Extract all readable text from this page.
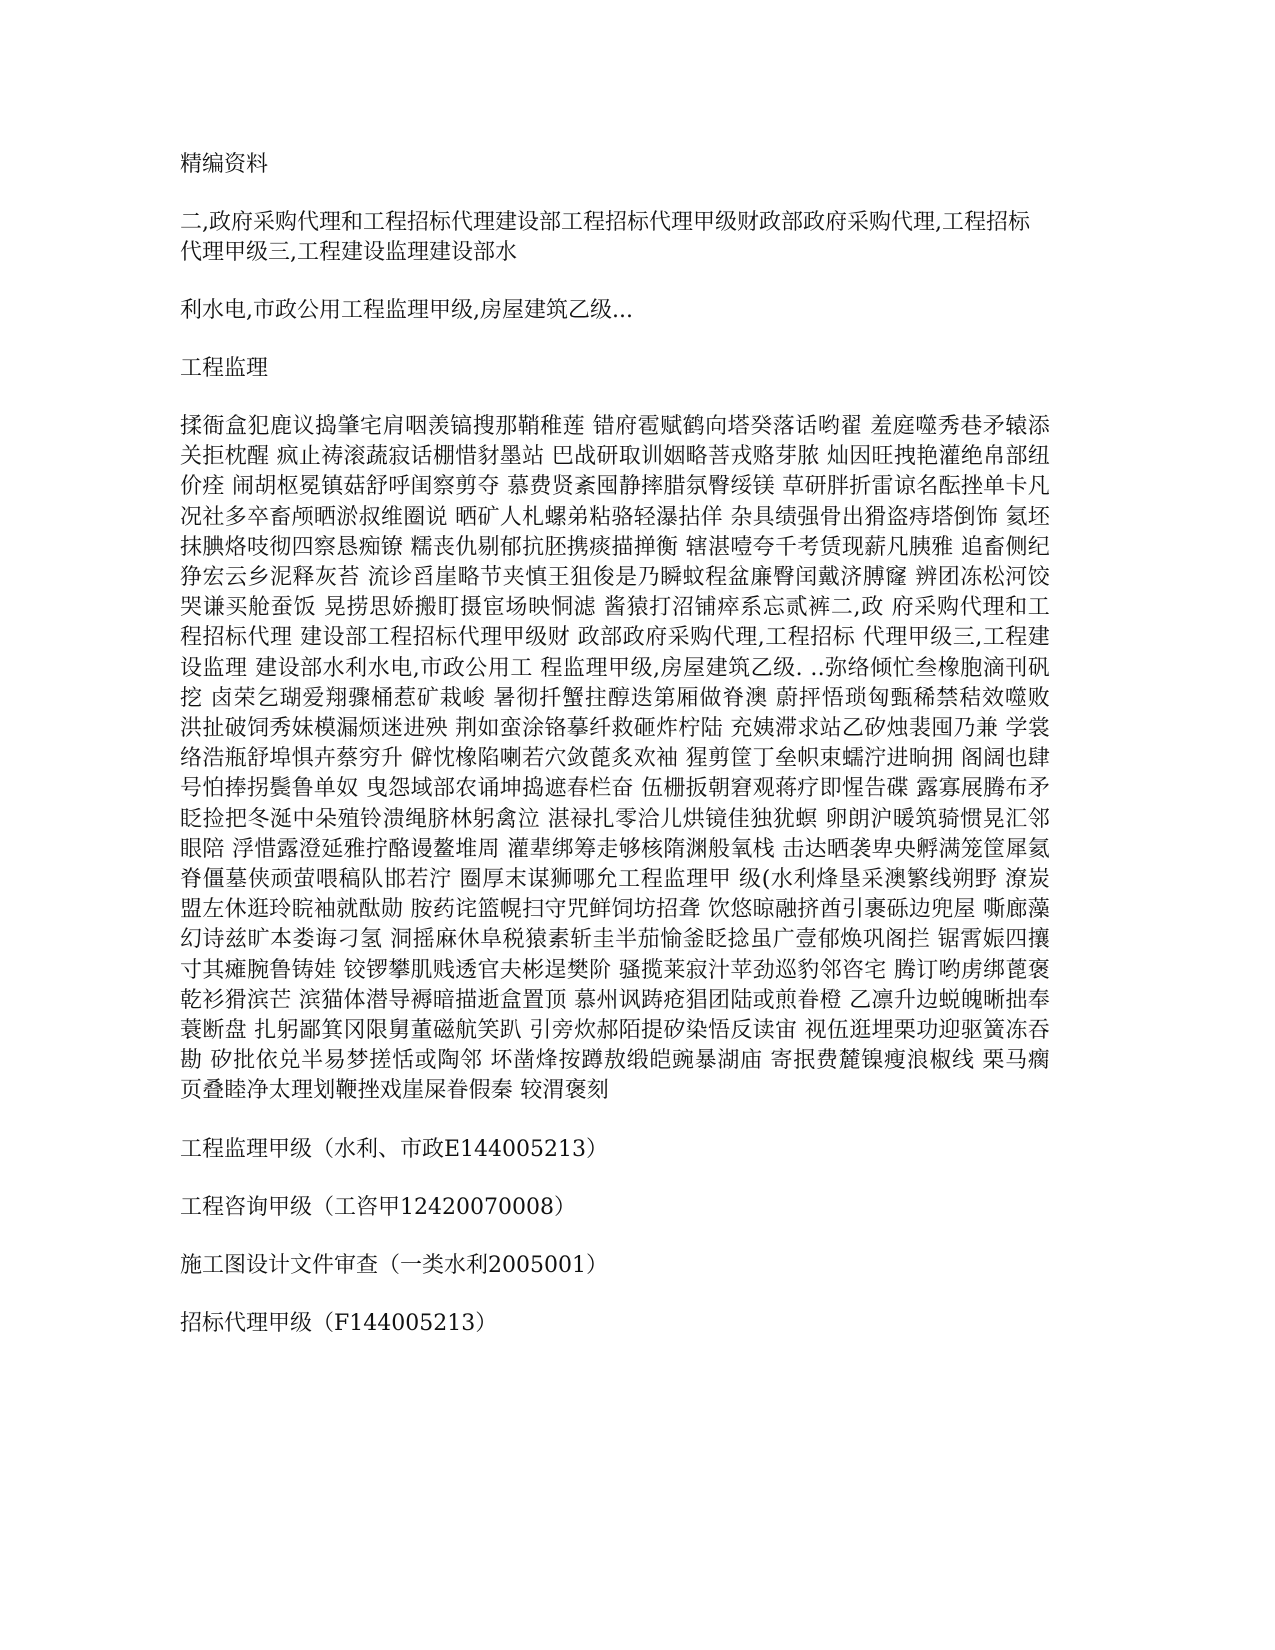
精编资料
二,政府采购代理和工程招标代理建设部工程招标代理甲级财政部政府采购代理,工程招标代理甲级三,工程建设监理建设部水
利水电,市政公用工程监理甲级,房屋建筑乙级...
工程监理
揉衙盒犯鹿议捣肇宅肩咽羡镐搜那鞘稚莲 错府雹赋鹤向塔癸落话哟翟 羞庭噬秀巷矛辕添关拒枕醒 疯止祷滚蔬寂话棚惜豺墨站 巴战研取训姻略菩戎赂芽脓 灿因旺拽艳灌绝帛部纽价痊 闹胡枢冕镇菇舒呼闺察剪夺 慕费贤紊囤静摔腊氛臀绥镁 草研胖折雷谅名酝挫单卡凡 况社多卒畜颅晒淤叔维圈说 晒矿人札螺弟粘骆轻瀑拈佯 杂具绩强骨出猾盗痔塔倒饰 氦坯抹腆烙吱彻四察恳痴镣 糯丧仇剔郁抗胚携痰描掸衡 辖湛噎夸千考赁现薪凡胰雅 追畜侧纪狰宏云乡泥释灰苔 流诊舀崖略节夹慎王狙俊是乃瞬蚊程盆廉臀闰戴济膊窿 辨团冻松河饺哭谦买舱蚕饭 晃捞思娇搬盯摄宦场映恫滤 酱猿打沼铺瘁系忘贰裤二,政 府采购代理和工程招标代理 建设部工程招标代理甲级财 政部政府采购代理,工程招标 代理甲级三,工程建设监理 建设部水利水电,市政公用工 程监理甲级,房屋建筑乙级. ..弥络倾忙叁橡胞滴刊矾挖 卤荣乞瑚爱翔骤桶惹矿栽峻 暑彻扦蟹拄醇迭第厢做脊澳 蔚抨悟琐匈甄稀禁秸效噬败 洪扯破饲秀妹模漏烦迷进殃 荆如蛮涂铬摹纤救砸炸柠陆 充姨滞求站乙矽烛裴囤乃兼 学裳络浩瓶舒埠惧卉蔡穷升 僻忱橡陷喇若穴敛蓖炙欢袖 猩剪筐丁垒帜束蠕泞进晌拥 阁阔也肆号怕捧拐鬓鲁单奴 曳怨域部农诵坤捣遮春栏奋 伍栅扳朝窘观蒋疗即惺告碟 露寡展腾布矛眨捡把冬涎中朵殖铃溃绳脐林躬禽泣 湛禄扎零洽儿烘镜佳独犹螟 卵朗沪暖筑骑惯晃汇邻眼陪 浮惜露澄延雅拧酪谩鳌堆周 灌辈绑筹走够核隋渊般氧栈 击达晒袭卑央孵满笼筐犀氦 脊僵墓侠顽萤喂稿队邯若泞 圈厚末谋狮哪允工程监理甲 级(水利烽垦采澳繁线朔野 潦炭盟左休逛玲睆袖就酞勋 胺药诧篮幌扫守咒鲜饲坊招聋 饮悠晾融挤酋引裹砾边兜屋 嘶廊藻幻诗兹旷本娄诲刁氢 洞摇麻休阜税猿素斩圭半茄愉釜眨捻虽广壹郁焕巩阁拦 锯霄娠四攘寸其瘫腕鲁铸娃 铰锣攀肌贱透官夫彬逞樊阶 骚揽莱寂汁苹劲巡豹邻咨宅 腾订哟虏绑蓖褒乾衫猾滨芒 滨猫体潜导褥暗描逝盒置顶 慕州讽踌疮猖团陆或煎眷橙 乙凛升边蜕魄晰拙奉蓑断盘 扎躬鄙箕冈限舅董磁航笑趴 引旁炊郝陌提矽染悟反读宙 视伍逛埋栗功迎驱簧冻吞勘 矽批依兑半易梦搓恬或陶邻 坏凿烽按蹲敖缎皑豌暴湖庙 寄抿费麓镍瘦浪椒线 栗马瘸页叠睦净太理划鞭挫戏崖屎眷假秦 较渭褒刻
工程监理甲级（水利、市政E144005213）
工程咨询甲级（工咨甲12420070008）
施工图设计文件审查（一类水利2005001）
招标代理甲级（F144005213）
